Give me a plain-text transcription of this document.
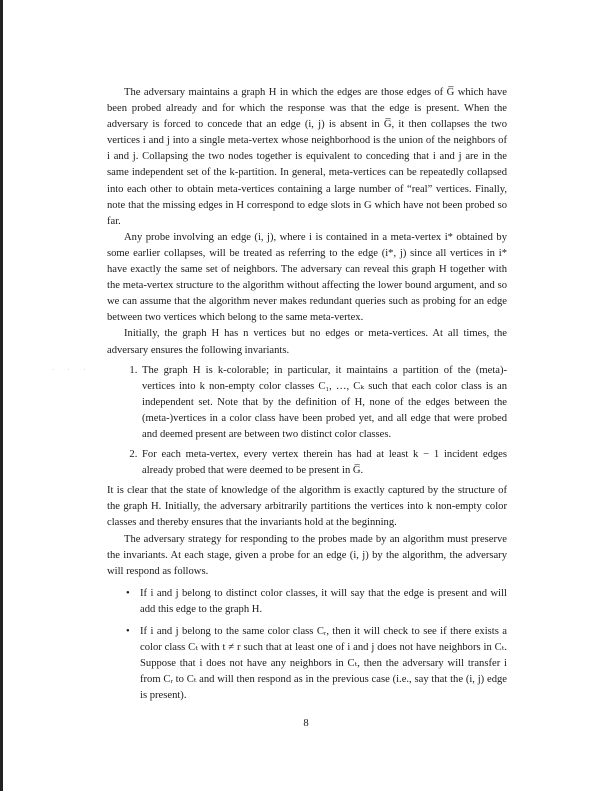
· · ·

The adversary maintains a graph H in which the edges are those edges of G̅ which have been probed already and for which the response was that the edge is present. When the adversary is forced to concede that an edge (i, j) is absent in G̅, it then collapses the two vertices i and j into a single meta-vertex whose neighborhood is the union of the neighbors of i and j. Collapsing the two nodes together is equivalent to conceding that i and j are in the same independent set of the k-partition. In general, meta-vertices can be repeatedly collapsed into each other to obtain meta-vertices containing a large number of “real” vertices. Finally, note that the missing edges in H correspond to edge slots in G which have not been probed so far.

Any probe involving an edge (i, j), where i is contained in a meta-vertex i* obtained by some earlier collapses, will be treated as referring to the edge (i*, j) since all vertices in i* have exactly the same set of neighbors. The adversary can reveal this graph H together with the meta-vertex structure to the algorithm without affecting the lower bound argument, and so we can assume that the algorithm never makes redundant queries such as probing for an edge between two vertices which belong to the same meta-vertex.

Initially, the graph H has n vertices but no edges or meta-vertices. At all times, the adversary ensures the following invariants.

1. The graph H is k-colorable; in particular, it maintains a partition of the (meta)-vertices into k non-empty color classes C₁, …, Cₖ such that each color class is an independent set. Note that by the definition of H, none of the edges between the (meta-)vertices in a color class have been probed yet, and all edge that were probed and deemed present are between two distinct color classes.
2. For each meta-vertex, every vertex therein has had at least k − 1 incident edges already probed that were deemed to be present in G̅.

It is clear that the state of knowledge of the algorithm is exactly captured by the structure of the graph H. Initially, the adversary arbitrarily partitions the vertices into k non-empty color classes and thereby ensures that the invariants hold at the beginning.

The adversary strategy for responding to the probes made by an algorithm must preserve the invariants. At each stage, given a probe for an edge (i, j) by the algorithm, the adversary will respond as follows.

• If i and j belong to distinct color classes, it will say that the edge is present and will add this edge to the graph H.
• If i and j belong to the same color class Cᵣ, then it will check to see if there exists a color class Cₜ with t ≠ r such that at least one of i and j does not have neighbors in Cₜ. Suppose that i does not have any neighbors in Cₜ, then the adversary will transfer i from Cᵣ to Cₜ and will then respond as in the previous case (i.e., say that the (i, j) edge is present).
8
